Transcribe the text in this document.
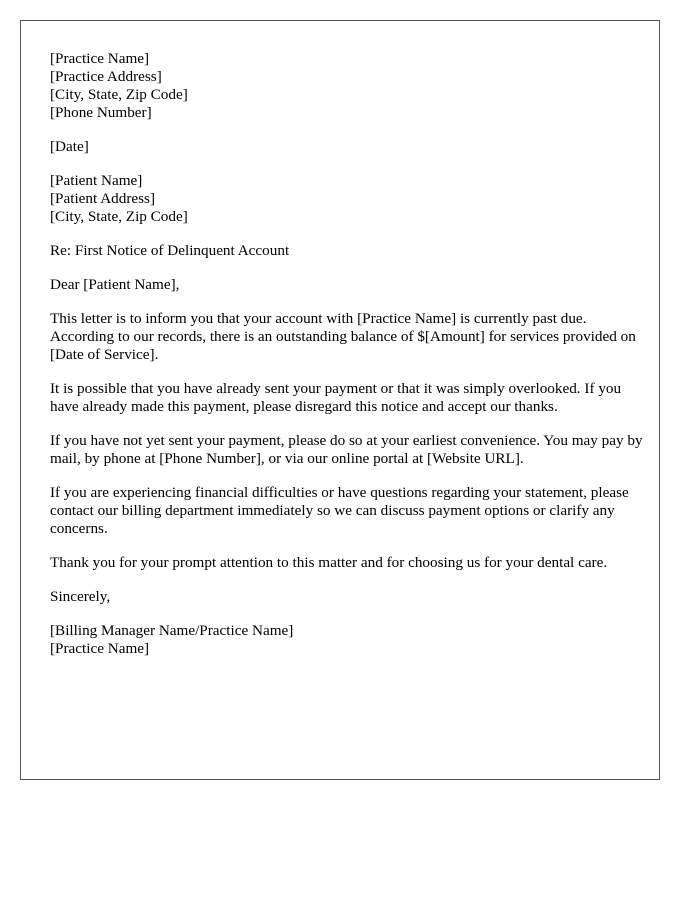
[Practice Name]
[Practice Address]
[City, State, Zip Code]
[Phone Number]
[Date]
[Patient Name]
[Patient Address]
[City, State, Zip Code]
Re: First Notice of Delinquent Account
Dear [Patient Name],

This letter is to inform you that your account with [Practice Name] is currently past due. According to our records, there is an outstanding balance of $[Amount] for services provided on [Date of Service].

It is possible that you have already sent your payment or that it was simply overlooked. If you have already made this payment, please disregard this notice and accept our thanks.

If you have not yet sent your payment, please do so at your earliest convenience. You may pay by mail, by phone at [Phone Number], or via our online portal at [Website URL].

If you are experiencing financial difficulties or have questions regarding your statement, please contact our billing department immediately so we can discuss payment options or clarify any concerns.

Thank you for your prompt attention to this matter and for choosing us for your dental care.

Sincerely,
[Billing Manager Name/Practice Name]
[Practice Name]
